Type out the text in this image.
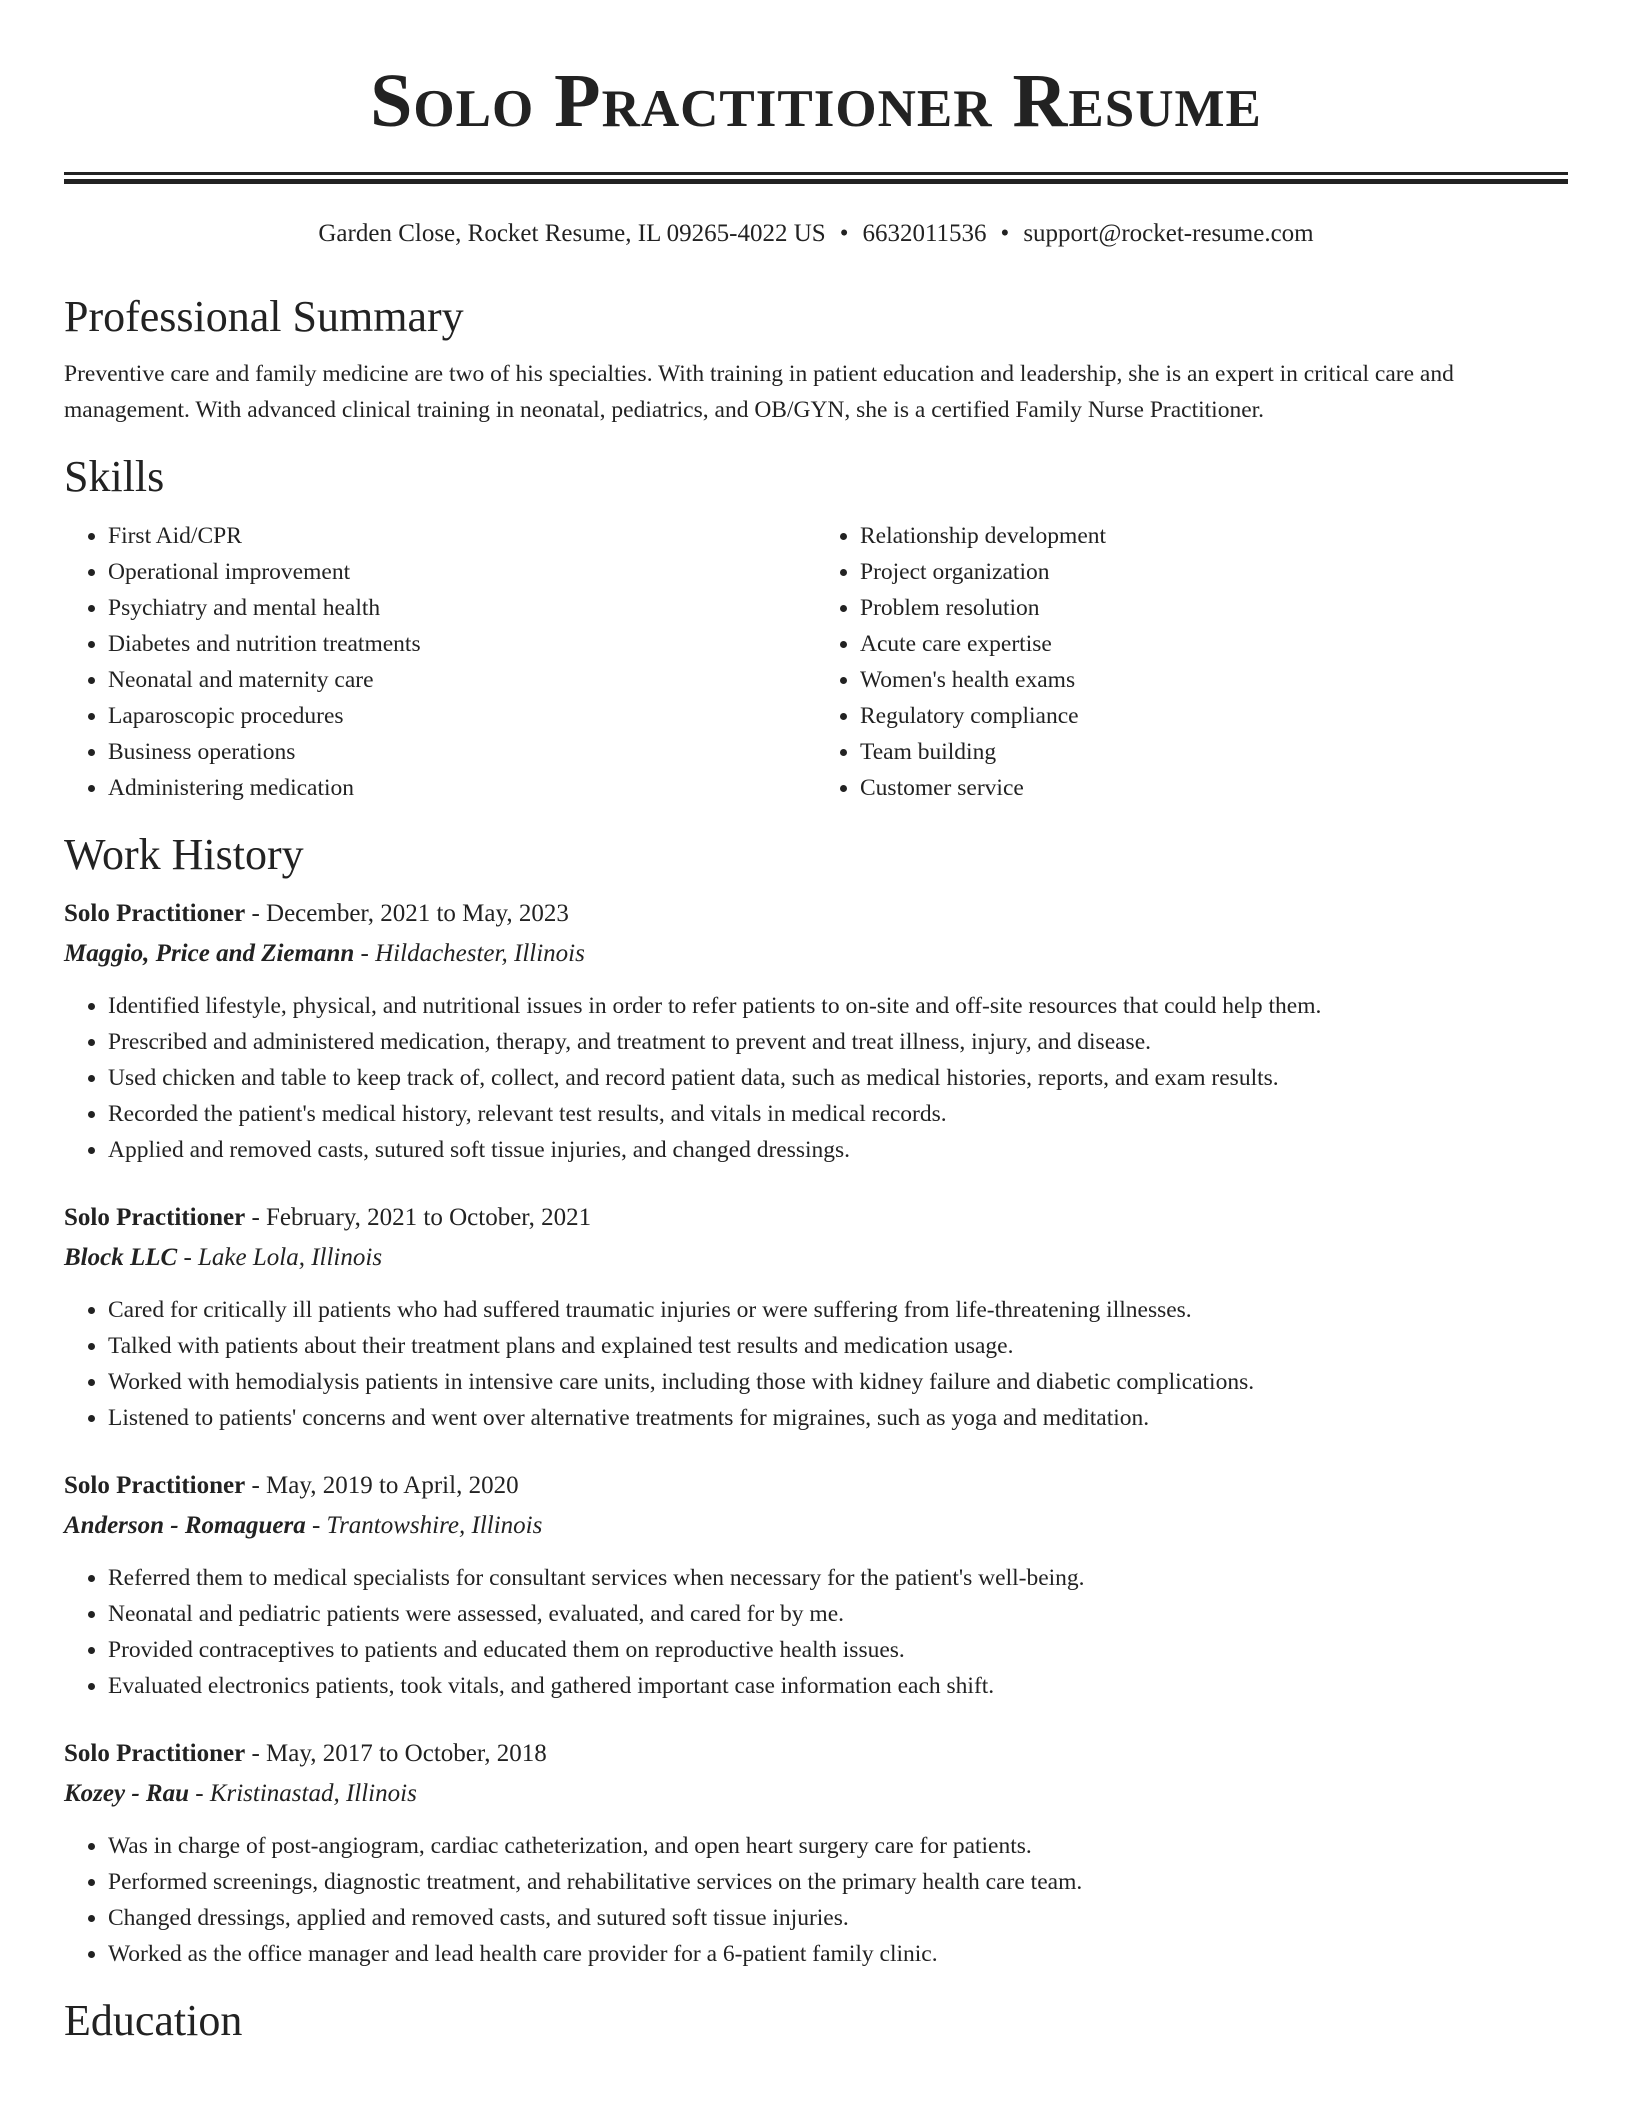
Solo Practitioner Resume
Garden Close, Rocket Resume, IL 09265-4022 US • 6632011536 • support@rocket-resume.com
Professional Summary

Preventive care and family medicine are two of his specialties. With training in patient education and leadership, she is an expert in critical care and management. With advanced clinical training in neonatal, pediatrics, and OB/GYN, she is a certified Family Nurse Practitioner.

Skills
• First Aid/CPR
• Operational improvement
• Psychiatry and mental health
• Diabetes and nutrition treatments
• Neonatal and maternity care
• Laparoscopic procedures
• Business operations
• Administering medication
• Relationship development
• Project organization
• Problem resolution
• Acute care expertise
• Women's health exams
• Regulatory compliance
• Team building
• Customer service
Work History

Solo Practitioner - December, 2021 to May, 2023

Maggio, Price and Ziemann - Hildachester, Illinois

• Identified lifestyle, physical, and nutritional issues in order to refer patients to on-site and off-site resources that could help them.
• Prescribed and administered medication, therapy, and treatment to prevent and treat illness, injury, and disease.
• Used chicken and table to keep track of, collect, and record patient data, such as medical histories, reports, and exam results.
• Recorded the patient's medical history, relevant test results, and vitals in medical records.
• Applied and removed casts, sutured soft tissue injuries, and changed dressings.

Solo Practitioner - February, 2021 to October, 2021

Block LLC - Lake Lola, Illinois

• Cared for critically ill patients who had suffered traumatic injuries or were suffering from life-threatening illnesses.
• Talked with patients about their treatment plans and explained test results and medication usage.
• Worked with hemodialysis patients in intensive care units, including those with kidney failure and diabetic complications.
• Listened to patients' concerns and went over alternative treatments for migraines, such as yoga and meditation.

Solo Practitioner - May, 2019 to April, 2020

Anderson - Romaguera - Trantowshire, Illinois

• Referred them to medical specialists for consultant services when necessary for the patient's well-being.
• Neonatal and pediatric patients were assessed, evaluated, and cared for by me.
• Provided contraceptives to patients and educated them on reproductive health issues.
• Evaluated electronics patients, took vitals, and gathered important case information each shift.

Solo Practitioner - May, 2017 to October, 2018

Kozey - Rau - Kristinastad, Illinois

• Was in charge of post-angiogram, cardiac catheterization, and open heart surgery care for patients.
• Performed screenings, diagnostic treatment, and rehabilitative services on the primary health care team.
• Changed dressings, applied and removed casts, and sutured soft tissue injuries.
• Worked as the office manager and lead health care provider for a 6-patient family clinic.
Education
